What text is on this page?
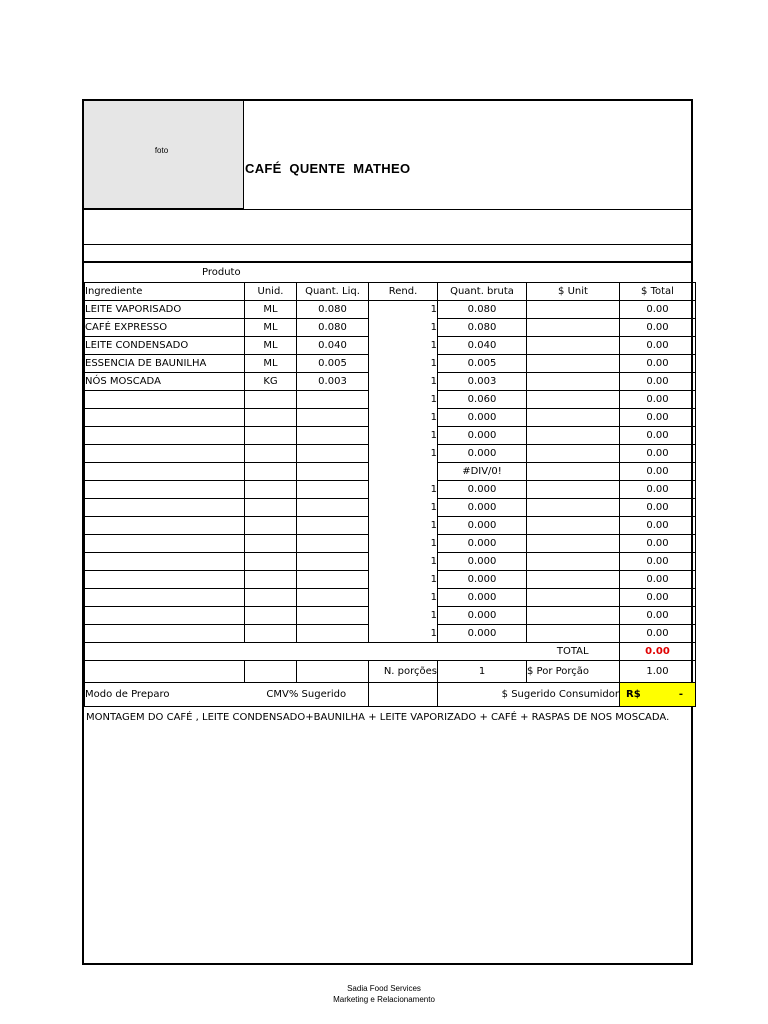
foto
CAFÉ  QUENTE  MATHEO
Produto
Ingrediente	Unid.	Quant. Liq.	Rend.	Quant. bruta	$ Unit	$ Total
LEITE VAPORISADO	ML	0.080	1	0.080		0.00
CAFÉ EXPRESSO	ML	0.080	1	0.080		0.00
LEITE CONDENSADO	ML	0.040	1	0.040		0.00
ESSENCIA DE BAUNILHA	ML	0.005	1	0.005		0.00
NÓS MOSCADA	KG	0.003	1	0.003		0.00
			1	0.060		0.00
			1	0.000		0.00
			1	0.000		0.00
			1	0.000		0.00
				#DIV/0!		0.00
			1	0.000		0.00
			1	0.000		0.00
			1	0.000		0.00
			1	0.000		0.00
			1	0.000		0.00
			1	0.000		0.00
			1	0.000		0.00
			1	0.000		0.00
			1	0.000		0.00
					TOTAL	0.00
			N. porções	1	$ Por Porção	1.00
Modo de Preparo	CMV% Sugerido			$ Sugerido Consumidor		R$ -
MONTAGEM DO CAFÉ , LEITE CONDENSADO+BAUNILHA + LEITE VAPORIZADO + CAFÉ + RASPAS DE NOS MOSCADA.
Sadia Food Services
Marketing e Relacionamento
